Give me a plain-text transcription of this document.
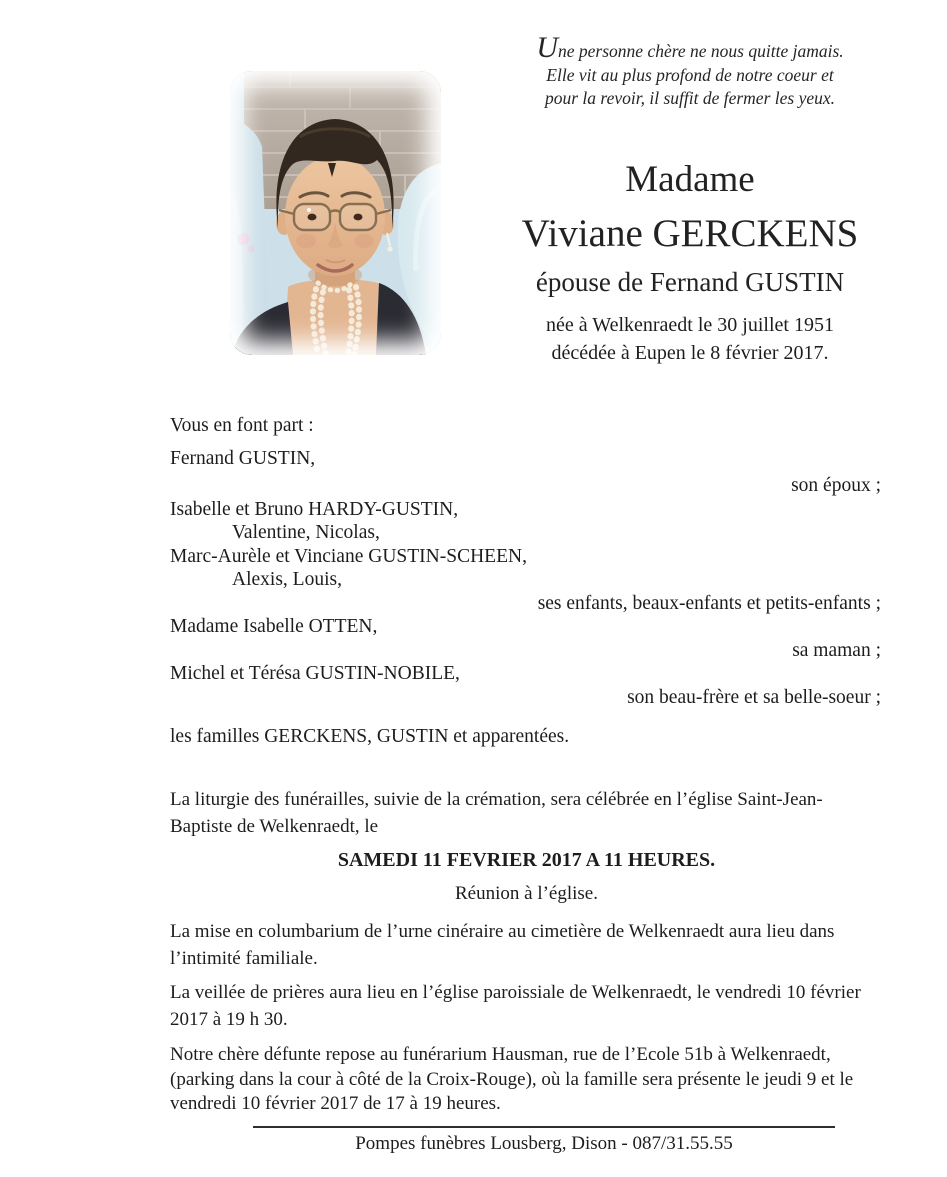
Une personne chère ne nous quitte jamais.

Elle vit au plus profond de notre coeur et

pour la revoir, il suffit de fermer les yeux.

Madame
Viviane GERCKENS
épouse de Fernand GUSTIN
née à Welkenraedt le 30 juillet 1951
décédée à Eupen le 8 février 2017.
Vous en font part :
Fernand GUSTIN,
son époux ;
Isabelle et Bruno HARDY-GUSTIN,
Valentine, Nicolas,
Marc-Aurèle et Vinciane GUSTIN-SCHEEN,
Alexis, Louis,
ses enfants, beaux-enfants et petits-enfants ;
Madame Isabelle OTTEN,
sa maman ;
Michel et Térésa GUSTIN-NOBILE,
son beau-frère et sa belle-soeur ;
les familles GERCKENS, GUSTIN et apparentées.

La liturgie des funérailles, suivie de la crémation, sera célébrée en l’église Saint-Jean-Baptiste de Welkenraedt, le

SAMEDI 11 FEVRIER 2017 A 11 HEURES.

Réunion à l’église.

La mise en columbarium de l’urne cinéraire au cimetière de Welkenraedt aura lieu dans l’intimité familiale.

La veillée de prières aura lieu en l’église paroissiale de Welkenraedt, le vendredi 10 février 2017 à 19 h 30.

Notre chère défunte repose au funérarium Hausman, rue de l’Ecole 51b à Welkenraedt, (parking dans la cour à côté de la Croix-Rouge), où la famille sera présente le jeudi 9 et le vendredi 10 février 2017 de 17 à 19 heures.

Pompes funèbres Lousberg, Dison - 087/31.55.55
